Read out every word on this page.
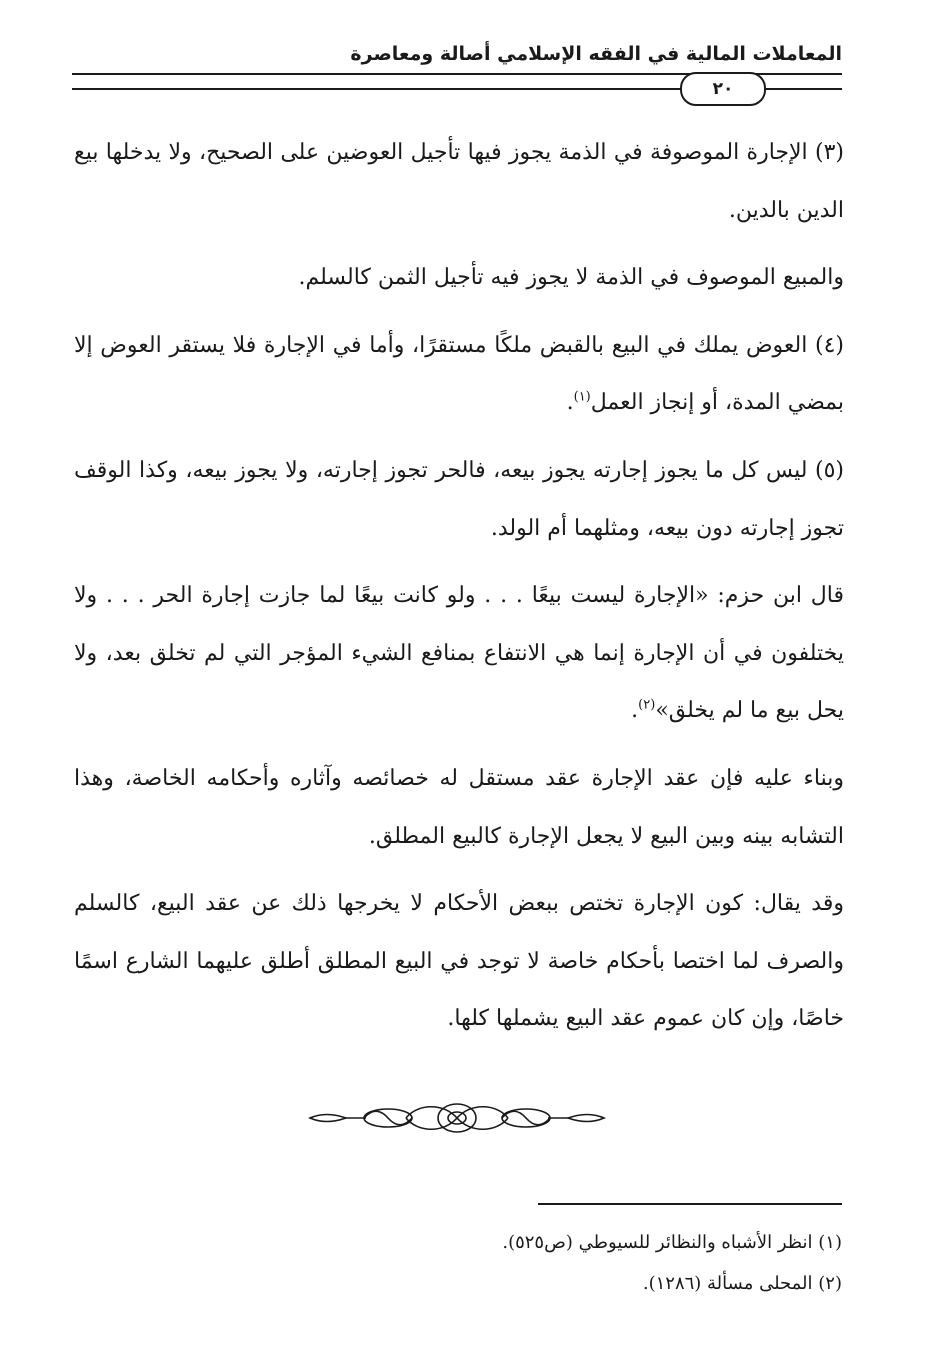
المعاملات المالية في الفقه الإسلامي أصالة ومعاصرة
٢٠

(٣) الإجارة الموصوفة في الذمة يجوز فيها تأجيل العوضين على الصحيح، ولا يدخلها بيع الدين بالدين.

والمبيع الموصوف في الذمة لا يجوز فيه تأجيل الثمن كالسلم.

(٤) العوض يملك في البيع بالقبض ملكًا مستقرًا، وأما في الإجارة فلا يستقر العوض إلا بمضي المدة، أو إنجاز العمل$^{(١)}$.

(٥) ليس كل ما يجوز إجارته يجوز بيعه، فالحر تجوز إجارته، ولا يجوز بيعه، وكذا الوقف تجوز إجارته دون بيعه، ومثلهما أم الولد.

قال ابن حزم: «الإجارة ليست بيعًا . . . ولو كانت بيعًا لما جازت إجارة الحر . . . ولا يختلفون في أن الإجارة إنما هي الانتفاع بمنافع الشيء المؤجر التي لم تخلق بعد، ولا يحل بيع ما لم يخلق»$^{(٢)}$.

وبناء عليه فإن عقد الإجارة عقد مستقل له خصائصه وآثاره وأحكامه الخاصة، وهذا التشابه بينه وبين البيع لا يجعل الإجارة كالبيع المطلق.

وقد يقال: كون الإجارة تختص ببعض الأحكام لا يخرجها ذلك عن عقد البيع، كالسلم والصرف لما اختصا بأحكام خاصة لا توجد في البيع المطلق أطلق عليهما الشارع اسمًا خاصًا، وإن كان عموم عقد البيع يشملها كلها.

(١) انظر الأشباه والنظائر للسيوطي (ص٥٢٥).

(٢) المحلى مسألة (١٢٨٦).
